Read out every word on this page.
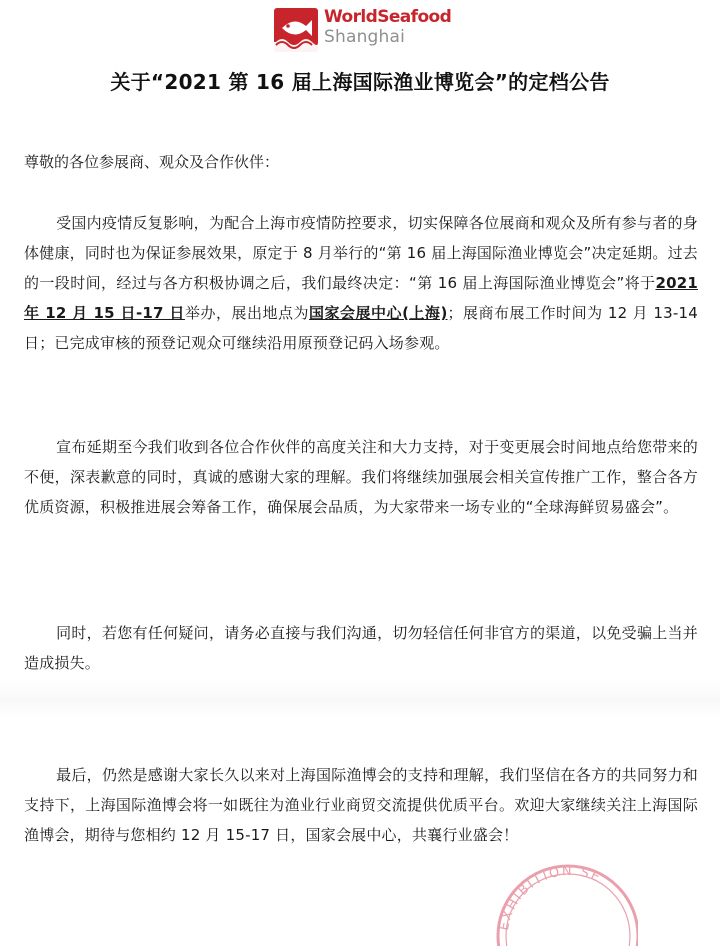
WorldSeafood
Shanghai
关于“2021 第 16 届上海国际渔业博览会”的定档公告
尊敬的各位参展商、观众及合作伙伴：
受国内疫情反复影响，为配合上海市疫情防控要求，切实保障各位展商和观众及所有参与者的身体健康，同时也为保证参展效果，原定于 8 月举行的“第 16 届上海国际渔业博览会”决定延期。过去的一段时间，经过与各方积极协调之后，我们最终决定：“第 16 届上海国际渔业博览会”将于2021 年 12 月 15 日-17 日举办，展出地点为国家会展中心(上海)；展商布展工作时间为 12 月 13-14 日；已完成审核的预登记观众可继续沿用原预登记码入场参观。
宣布延期至今我们收到各位合作伙伴的高度关注和大力支持，对于变更展会时间地点给您带来的不便，深表歉意的同时，真诚的感谢大家的理解。我们将继续加强展会相关宣传推广工作，整合各方优质资源，积极推进展会筹备工作，确保展会品质，为大家带来一场专业的“全球海鲜贸易盛会”。
同时，若您有任何疑问，请务必直接与我们沟通，切勿轻信任何非官方的渠道，以免受骗上当并造成损失。
最后，仍然是感谢大家长久以来对上海国际渔博会的支持和理解，我们坚信在各方的共同努力和支持下，上海国际渔博会将一如既往为渔业行业商贸交流提供优质平台。欢迎大家继续关注上海国际渔博会，期待与您相约 12 月 15-17 日，国家会展中心，共襄行业盛会！
EXHIBITION SE
